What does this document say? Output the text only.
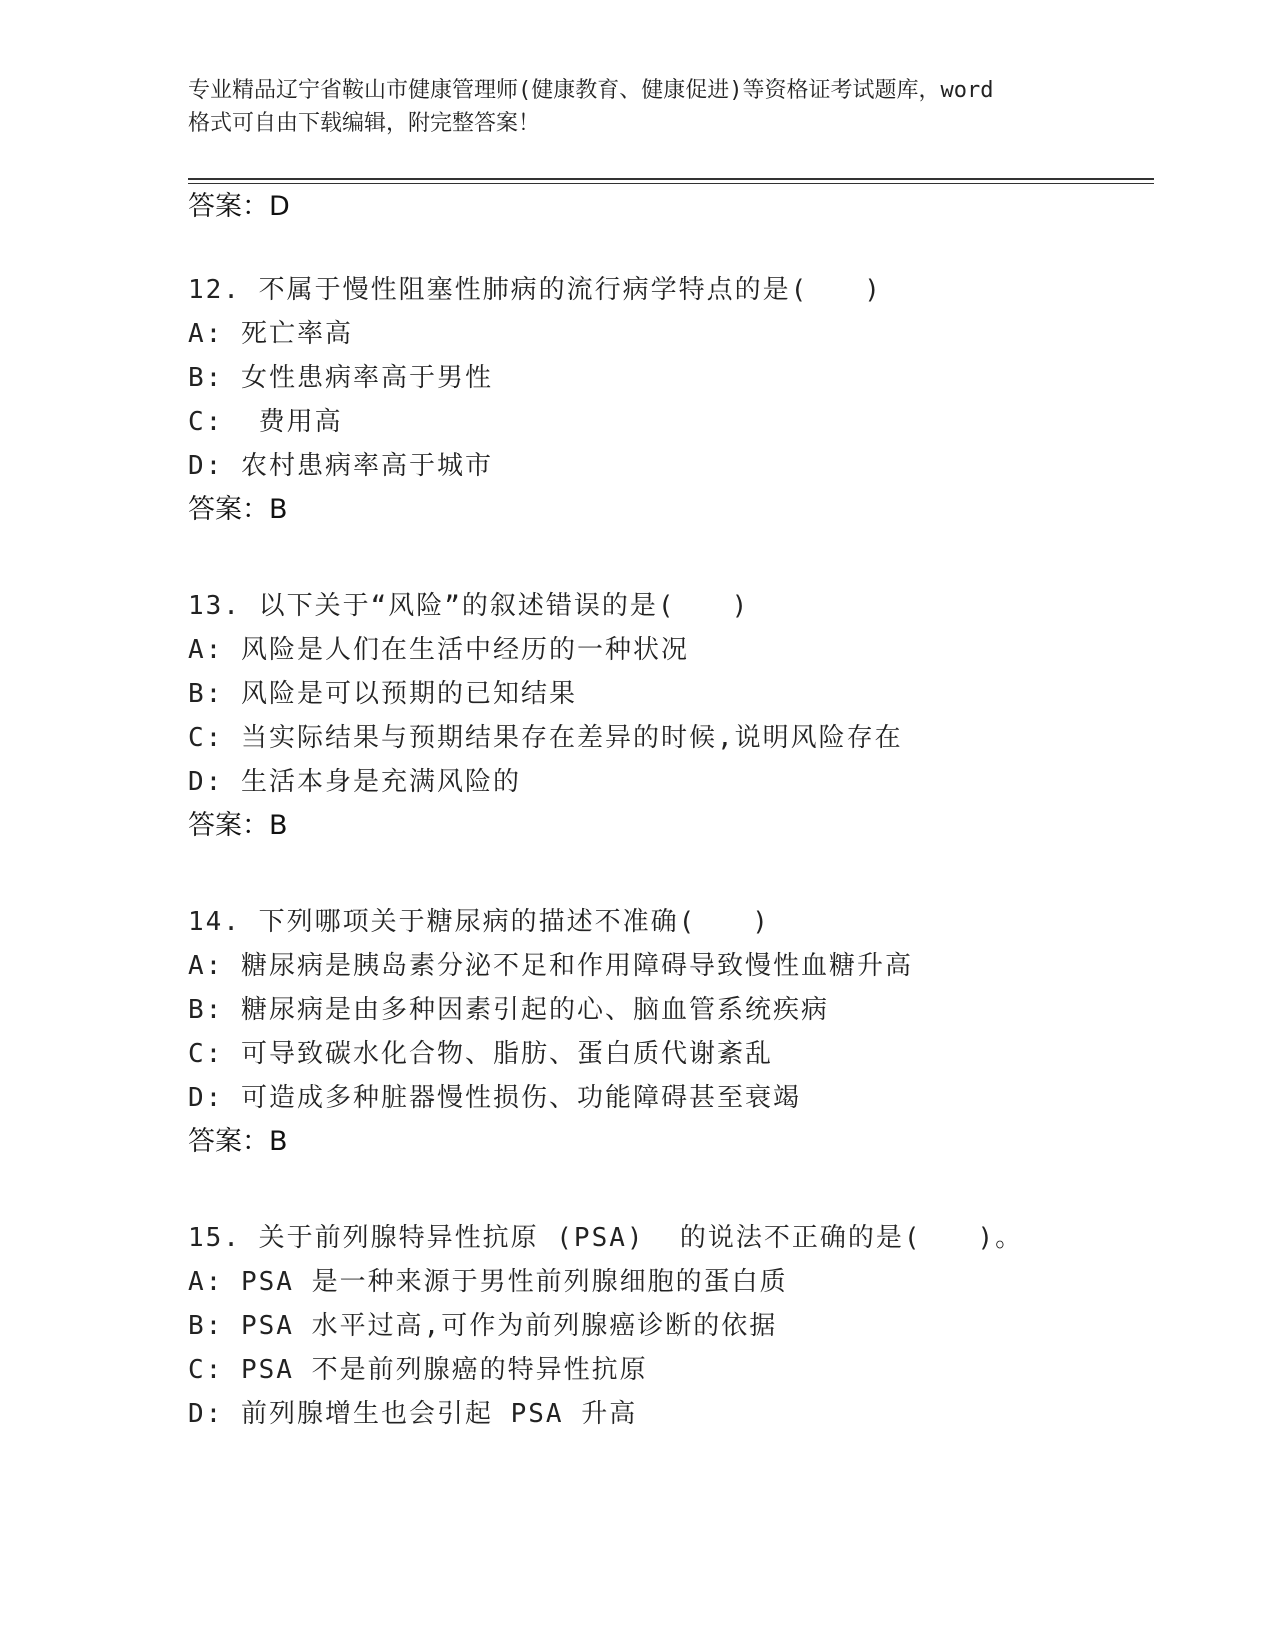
专业精品辽宁省鞍山市健康管理师(健康教育、健康促进)等资格证考试题库，word
格式可自由下载编辑，附完整答案！
答案：D
12. 不属于慢性阻塞性肺病的流行病学特点的是(　　)
A: 死亡率高
B: 女性患病率高于男性
C:  费用高
D: 农村患病率高于城市
答案：B
13. 以下关于“风险”的叙述错误的是(　　)
A: 风险是人们在生活中经历的一种状况
B: 风险是可以预期的已知结果
C: 当实际结果与预期结果存在差异的时候,说明风险存在
D: 生活本身是充满风险的
答案：B
14. 下列哪项关于糖尿病的描述不准确(　　)
A: 糖尿病是胰岛素分泌不足和作用障碍导致慢性血糖升高
B: 糖尿病是由多种因素引起的心、脑血管系统疾病
C: 可导致碳水化合物、脂肪、蛋白质代谢紊乱
D: 可造成多种脏器慢性损伤、功能障碍甚至衰竭
答案：B
15. 关于前列腺特异性抗原 (PSA)  的说法不正确的是(　　)。
A: PSA 是一种来源于男性前列腺细胞的蛋白质
B: PSA 水平过高,可作为前列腺癌诊断的依据
C: PSA 不是前列腺癌的特异性抗原
D: 前列腺增生也会引起 PSA 升高
